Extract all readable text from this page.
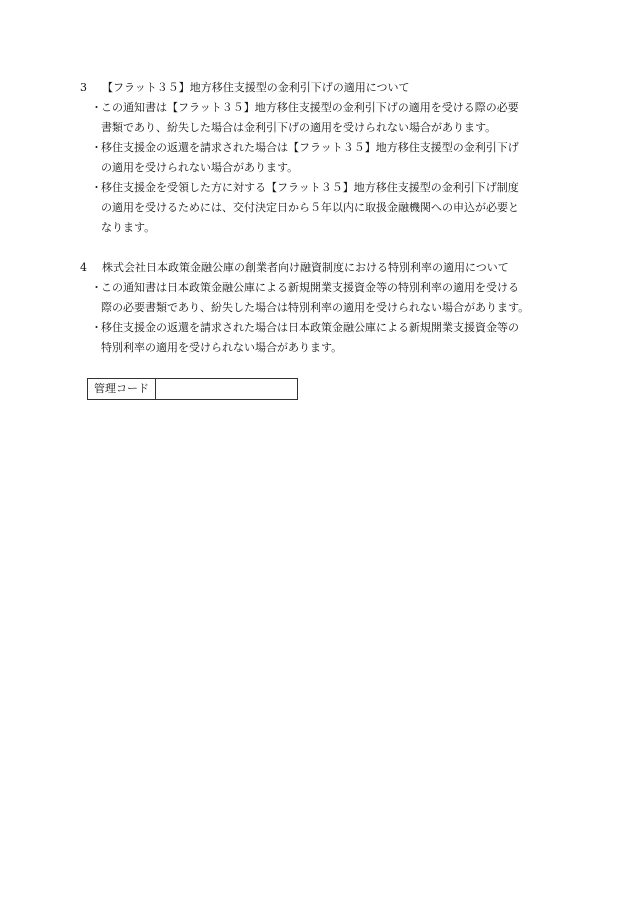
3	【フラット３５】地方移住支援型の金利引下げの適用について
・ この通知書は【フラット３５】地方移住支援型の金利引下げの適用を受ける際の必要
書類であり、紛失した場合は金利引下げの適用を受けられない場合があります。
・ 移住支援金の返還を請求された場合は【フラット３５】地方移住支援型の金利引下げ
の適用を受けられない場合があります。
・ 移住支援金を受領した方に対する【フラット３５】地方移住支援型の金利引下げ制度
の適用を受けるためには、交付決定日から５年以内に取扱金融機関への申込が必要と
なります。
4	株式会社日本政策金融公庫の創業者向け融資制度における特別利率の適用について
・ この通知書は日本政策金融公庫による新規開業支援資金等の特別利率の適用を受ける
際の必要書類であり、紛失した場合は特別利率の適用を受けられない場合があります。
・ 移住支援金の返還を請求された場合は日本政策金融公庫による新規開業支援資金等の
特別利率の適用を受けられない場合があります。
管理コード
